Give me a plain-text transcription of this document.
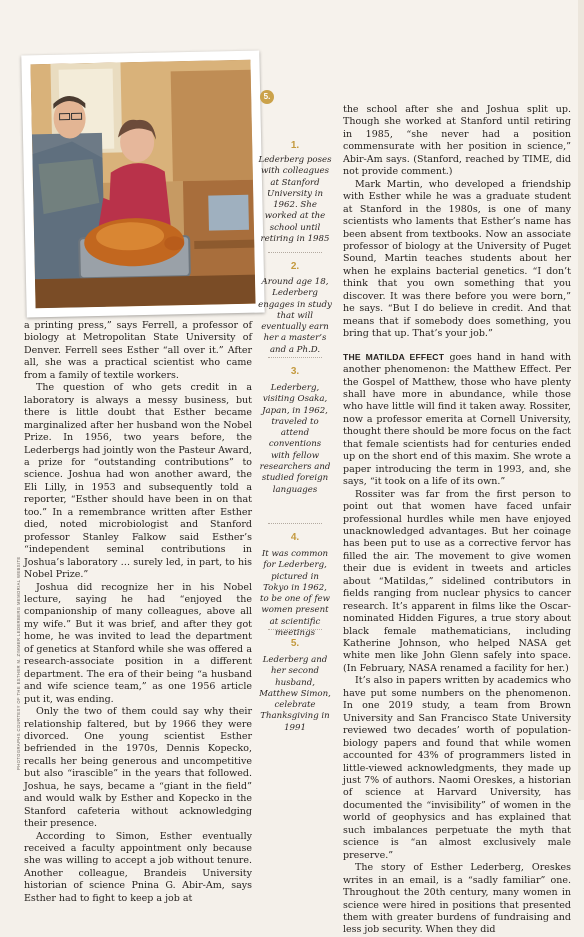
PHOTOGRAPHS COURTESY OF THE ESTHER M. ZIMMER LEDERBERG MEMORIAL WEBSITE
5.
1.
Lederberg poses with colleagues at Stanford University in 1962. She worked at the school until retiring in 1985
2.
Around age 18, Lederberg engages in study that will eventually earn her a master’s and a Ph.D.
3.
Lederberg, visiting Osaka, Japan, in 1962, traveled to attend conventions with fellow researchers and studied foreign languages
4.
It was common for Lederberg, pictured in Tokyo in 1962, to be one of few women present at scientific meetings
5.
Lederberg and her second husband, Matthew Simon, celebrate Thanksgiving in 1991

a printing press,” says Ferrell, a professor of biology at Metropolitan State University of Denver. Ferrell sees Esther “all over it.” After all, she was a practical scientist who came from a family of textile workers.

The question of who gets credit in a laboratory is always a messy business, but there is little doubt that Esther became marginalized after her husband won the Nobel Prize. In 1956, two years before, the Lederbergs had jointly won the Pasteur Award, a prize for “outstanding contributions” to science. Joshua had won another award, the Eli Lilly, in 1953 and subsequently told a reporter, “Esther should have been in on that too.” In a remembrance written after Esther died, noted microbiologist and Stanford professor Stanley Falkow said Esther’s “independent seminal contributions in Joshua’s laboratory … surely led, in part, to his Nobel Prize.”

Joshua did recognize her in his Nobel lecture, saying he had “enjoyed the companionship of many colleagues, above all my wife.” But it was brief, and after they got home, he was invited to lead the department of genetics at Stanford while she was offered a research-associate position in a different department. The era of their being “a husband and wife science team,” as one 1956 article put it, was ending.

Only the two of them could say why their relationship faltered, but by 1966 they were divorced. One young scientist Esther befriended in the 1970s, Dennis Kopecko, recalls her being generous and uncompetitive but also “irascible” in the years that followed. Joshua, he says, became a “giant in the field” and would walk by Esther and Kopecko in the Stanford cafeteria without acknowledging their presence.

According to Simon, Esther eventually received a faculty appointment only because she was willing to accept a job without tenure. Another colleague, Brandeis University historian of science Pnina G. Abir-Am, says Esther had to fight to keep a job at

the school after she and Joshua split up. Though she worked at Stanford until retiring in 1985, “she never had a position commensurate with her position in science,” Abir-Am says. (Stanford, reached by TIME, did not provide comment.)

Mark Martin, who developed a friendship with Esther while he was a graduate student at Stanford in the 1980s, is one of many scientists who laments that Esther’s name has been absent from textbooks. Now an associate professor of biology at the University of Puget Sound, Martin teaches students about her when he explains bacterial genetics. “I don’t think that you own something that you discover. It was there before you were born,” he says. “But I do believe in credit. And that means that if somebody does something, you bring that up. That’s your job.”

THE MATILDA EFFECT goes hand in hand with another phenomenon: the Matthew Effect. Per the Gospel of Matthew, those who have plenty shall have more in abundance, while those who have little will find it taken away. Rossiter, now a professor emerita at Cornell University, thought there should be more focus on the fact that female scientists had for centuries ended up on the short end of this maxim. She wrote a paper introducing the term in 1993, and, she says, “it took on a life of its own.”

Rossiter was far from the first person to point out that women have faced unfair professional hurdles while men have enjoyed unacknowledged advantages. But her coinage has been put to use as a corrective fervor has filled the air. The movement to give women their due is evident in tweets and articles about “Matildas,” sidelined contributors in fields ranging from nuclear physics to cancer research. It’s apparent in films like the Oscar-nominated Hidden Figures, a true story about black female mathematicians, including Katherine Johnson, who helped NASA get white men like John Glenn safely into space. (In February, NASA renamed a facility for her.)

It’s also in papers written by academics who have put some numbers on the phenomenon. In one 2019 study, a team from Brown University and San Francisco State University reviewed two decades’ worth of population-biology papers and found that while women accounted for 43% of programmers listed in little-viewed acknowledgments, they made up just 7% of authors. Naomi Oreskes, a historian of science at Harvard University, has documented the “invisibility” of women in the world of geophysics and has explained that such imbalances perpetuate the myth that science is “an almost exclusively male preserve.”

The story of Esther Lederberg, Oreskes writes in an email, is a “sadly familiar” one. Throughout the 20th century, many women in science were hired in positions that presented them with greater burdens of fundraising and less job security. When they did
